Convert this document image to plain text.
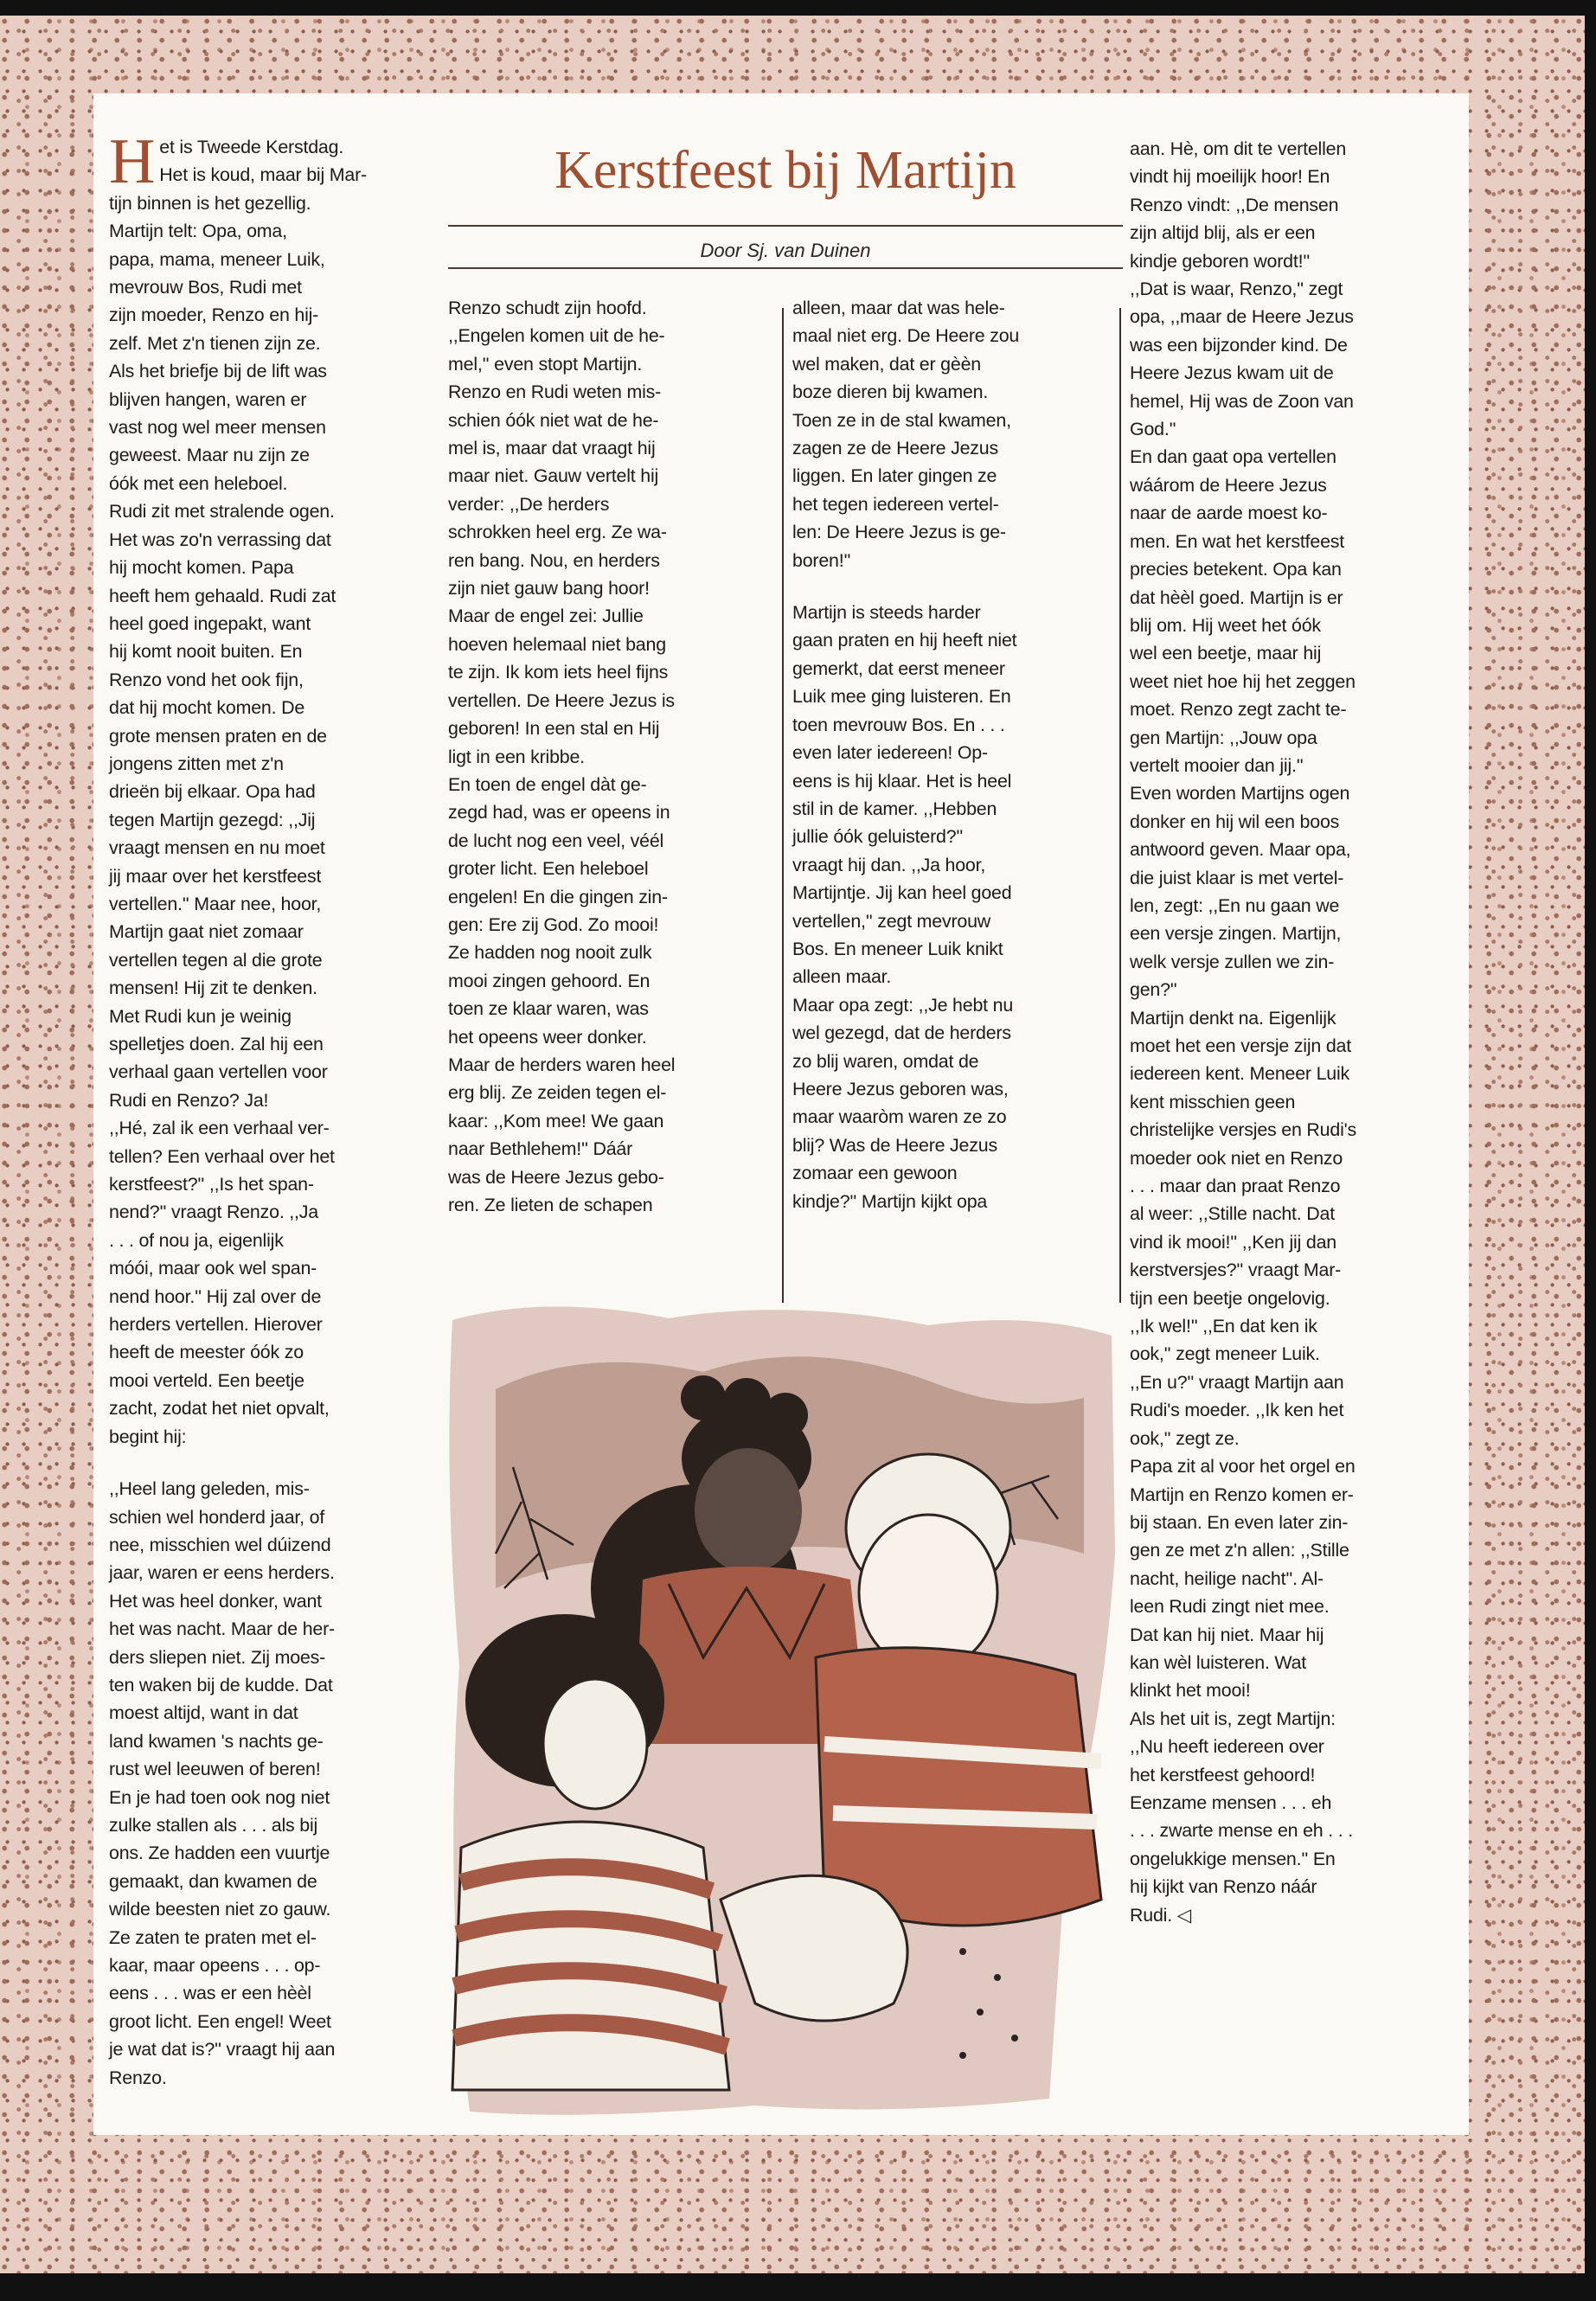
Het is Tweede Kerstdag.
Het is koud, maar bij Mar-
tijn binnen is het gezellig.
Martijn telt: Opa, oma,
papa, mama, meneer Luik,
mevrouw Bos, Rudi met
zijn moeder, Renzo en hij-
zelf. Met z'n tienen zijn ze.
Als het briefje bij de lift was
blijven hangen, waren er
vast nog wel meer mensen
geweest. Maar nu zijn ze
óók met een heleboel.
Rudi zit met stralende ogen.
Het was zo'n verrassing dat
hij mocht komen. Papa
heeft hem gehaald. Rudi zat
heel goed ingepakt, want
hij komt nooit buiten. En
Renzo vond het ook fijn,
dat hij mocht komen. De
grote mensen praten en de
jongens zitten met z'n
drieën bij elkaar. Opa had
tegen Martijn gezegd: ,,Jij
vraagt mensen en nu moet
jij maar over het kerstfeest
vertellen.'' Maar nee, hoor,
Martijn gaat niet zomaar
vertellen tegen al die grote
mensen! Hij zit te denken.
Met Rudi kun je weinig
spelletjes doen. Zal hij een
verhaal gaan vertellen voor
Rudi en Renzo? Ja!
,,Hé, zal ik een verhaal ver-
tellen? Een verhaal over het
kerstfeest?'' ,,Is het span-
nend?'' vraagt Renzo. ,,Ja
. . . of nou ja, eigenlijk
móói, maar ook wel span-
nend hoor.'' Hij zal over de
herders vertellen. Hierover
heeft de meester óók zo
mooi verteld. Een beetje
zacht, zodat het niet opvalt,
begint hij:

,,Heel lang geleden, mis-
schien wel honderd jaar, of
nee, misschien wel dúizend
jaar, waren er eens herders.
Het was heel donker, want
het was nacht. Maar de her-
ders sliepen niet. Zij moes-
ten waken bij de kudde. Dat
moest altijd, want in dat
land kwamen 's nachts ge-
rust wel leeuwen of beren!
En je had toen ook nog niet
zulke stallen als . . . als bij
ons. Ze hadden een vuurtje
gemaakt, dan kwamen de
wilde beesten niet zo gauw.
Ze zaten te praten met el-
kaar, maar opeens . . . op-
eens . . . was er een hèèl
groot licht. Een engel! Weet
je wat dat is?'' vraagt hij aan
Renzo.

Kerstfeest bij Martijn
Door Sj. van Duinen

Renzo schudt zijn hoofd.
,,Engelen komen uit de he-
mel,'' even stopt Martijn.
Renzo en Rudi weten mis-
schien óók niet wat de he-
mel is, maar dat vraagt hij
maar niet. Gauw vertelt hij
verder: ,,De herders
schrokken heel erg. Ze wa-
ren bang. Nou, en herders
zijn niet gauw bang hoor!
Maar de engel zei: Jullie
hoeven helemaal niet bang
te zijn. Ik kom iets heel fijns
vertellen. De Heere Jezus is
geboren! In een stal en Hij
ligt in een kribbe.
En toen de engel dàt ge-
zegd had, was er opeens in
de lucht nog een veel, véél
groter licht. Een heleboel
engelen! En die gingen zin-
gen: Ere zij God. Zo mooi!
Ze hadden nog nooit zulk
mooi zingen gehoord. En
toen ze klaar waren, was
het opeens weer donker.
Maar de herders waren heel
erg blij. Ze zeiden tegen el-
kaar: ,,Kom mee! We gaan
naar Bethlehem!'' Dáár
was de Heere Jezus gebo-
ren. Ze lieten de schapen

alleen, maar dat was hele-
maal niet erg. De Heere zou
wel maken, dat er gèèn
boze dieren bij kwamen.
Toen ze in de stal kwamen,
zagen ze de Heere Jezus
liggen. En later gingen ze
het tegen iedereen vertel-
len: De Heere Jezus is ge-
boren!''

Martijn is steeds harder
gaan praten en hij heeft niet
gemerkt, dat eerst meneer
Luik mee ging luisteren. En
toen mevrouw Bos. En . . .
even later iedereen! Op-
eens is hij klaar. Het is heel
stil in de kamer. ,,Hebben
jullie óók geluisterd?''
vraagt hij dan. ,,Ja hoor,
Martijntje. Jij kan heel goed
vertellen,'' zegt mevrouw
Bos. En meneer Luik knikt
alleen maar.
Maar opa zegt: ,,Je hebt nu
wel gezegd, dat de herders
zo blij waren, omdat de
Heere Jezus geboren was,
maar waaròm waren ze zo
blij? Was de Heere Jezus
zomaar een gewoon
kindje?'' Martijn kijkt opa

aan. Hè, om dit te vertellen
vindt hij moeilijk hoor! En
Renzo vindt: ,,De mensen
zijn altijd blij, als er een
kindje geboren wordt!''
,,Dat is waar, Renzo,'' zegt
opa, ,,maar de Heere Jezus
was een bijzonder kind. De
Heere Jezus kwam uit de
hemel, Hij was de Zoon van
God.''
En dan gaat opa vertellen
wáárom de Heere Jezus
naar de aarde moest ko-
men. En wat het kerstfeest
precies betekent. Opa kan
dat hèèl goed. Martijn is er
blij om. Hij weet het óók
wel een beetje, maar hij
weet niet hoe hij het zeggen
moet. Renzo zegt zacht te-
gen Martijn: ,,Jouw opa
vertelt mooier dan jij.''
Even worden Martijns ogen
donker en hij wil een boos
antwoord geven. Maar opa,
die juist klaar is met vertel-
len, zegt: ,,En nu gaan we
een versje zingen. Martijn,
welk versje zullen we zin-
gen?''
Martijn denkt na. Eigenlijk
moet het een versje zijn dat
iedereen kent. Meneer Luik
kent misschien geen
christelijke versjes en Rudi's
moeder ook niet en Renzo
. . . maar dan praat Renzo
al weer: ,,Stille nacht. Dat
vind ik mooi!'' ,,Ken jij dan
kerstversjes?'' vraagt Mar-
tijn een beetje ongelovig.
,,Ik wel!'' ,,En dat ken ik
ook,'' zegt meneer Luik.
,,En u?'' vraagt Martijn aan
Rudi's moeder. ,,Ik ken het
ook,'' zegt ze.
Papa zit al voor het orgel en
Martijn en Renzo komen er-
bij staan. En even later zin-
gen ze met z'n allen: ,,Stille
nacht, heilige nacht''. Al-
leen Rudi zingt niet mee.
Dat kan hij niet. Maar hij
kan wèl luisteren. Wat
klinkt het mooi!
Als het uit is, zegt Martijn:
,,Nu heeft iedereen over
het kerstfeest gehoord!
Eenzame mensen . . . eh
. . . zwarte mense en eh . . .
ongelukkige mensen.'' En
hij kijkt van Renzo náár
Rudi. ◁
